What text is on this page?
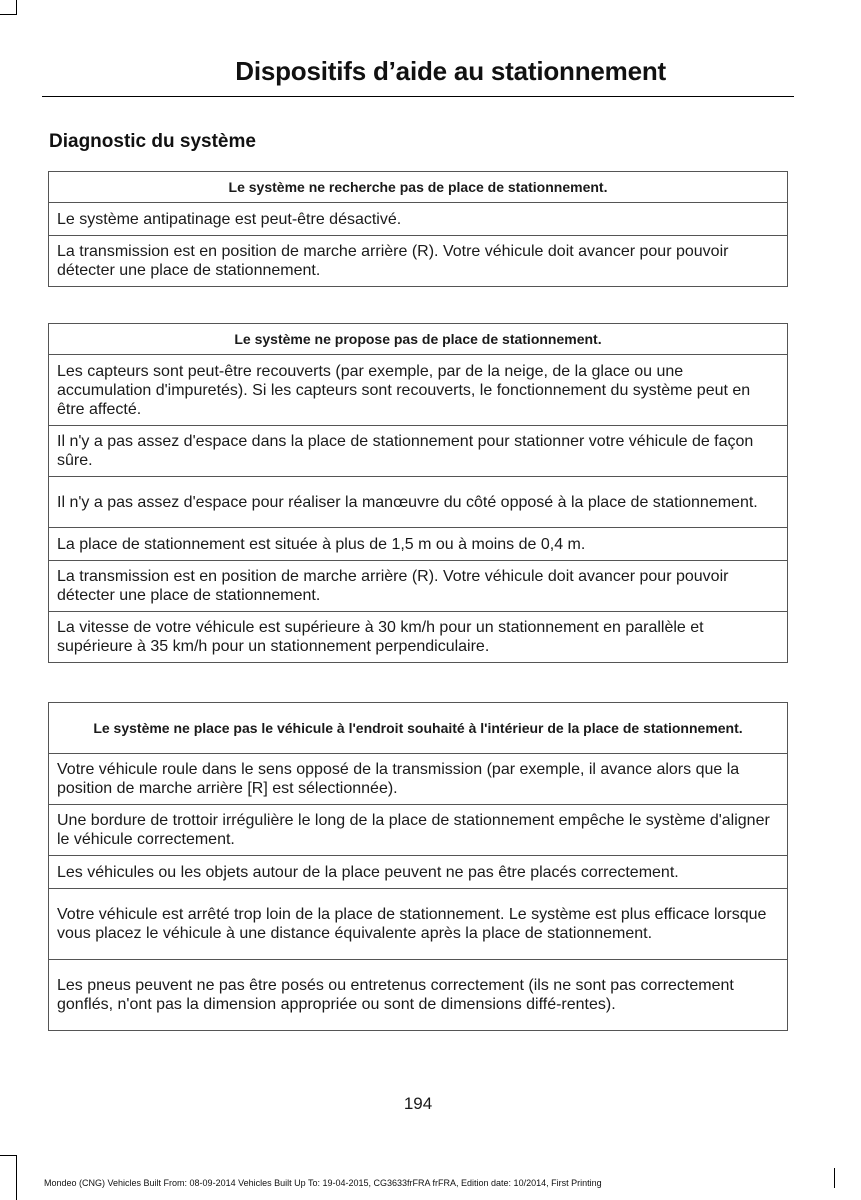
Dispositifs d’aide au stationnement
Diagnostic du système
Le système ne recherche pas de place de stationnement.
Le système antipatinage est peut-être désactivé.
La transmission est en position de marche arrière (R). Votre véhicule doit avancer pour pouvoir détecter une place de stationnement.
Le système ne propose pas de place de stationnement.
Les capteurs sont peut-être recouverts (par exemple, par de la neige, de la glace ou une accumulation d'impuretés). Si les capteurs sont recouverts, le fonctionnement du système peut en être affecté.
Il n'y a pas assez d'espace dans la place de stationnement pour stationner votre véhicule de façon sûre.
Il n'y a pas assez d'espace pour réaliser la manœuvre du côté opposé à la place de stationnement.
La place de stationnement est située à plus de 1,5 m ou à moins de 0,4 m.
La transmission est en position de marche arrière (R). Votre véhicule doit avancer pour pouvoir détecter une place de stationnement.
La vitesse de votre véhicule est supérieure à 30 km/h pour un stationnement en parallèle et supérieure à 35 km/h pour un stationnement perpendiculaire.
Le système ne place pas le véhicule à l'endroit souhaité à l'intérieur de la place de stationnement.
Votre véhicule roule dans le sens opposé de la transmission (par exemple, il avance alors que la position de marche arrière [R] est sélectionnée).
Une bordure de trottoir irrégulière le long de la place de stationnement empêche le système d'aligner le véhicule correctement.
Les véhicules ou les objets autour de la place peuvent ne pas être placés correctement.
Votre véhicule est arrêté trop loin de la place de stationnement. Le système est plus efficace lorsque vous placez le véhicule à une distance équivalente après la place de stationnement.
Les pneus peuvent ne pas être posés ou entretenus correctement (ils ne sont pas correctement gonflés, n'ont pas la dimension appropriée ou sont de dimensions diffé-rentes).
194
Mondeo (CNG) Vehicles Built From: 08-09-2014 Vehicles Built Up To: 19-04-2015, CG3633frFRA frFRA, Edition date: 10/2014, First Printing
